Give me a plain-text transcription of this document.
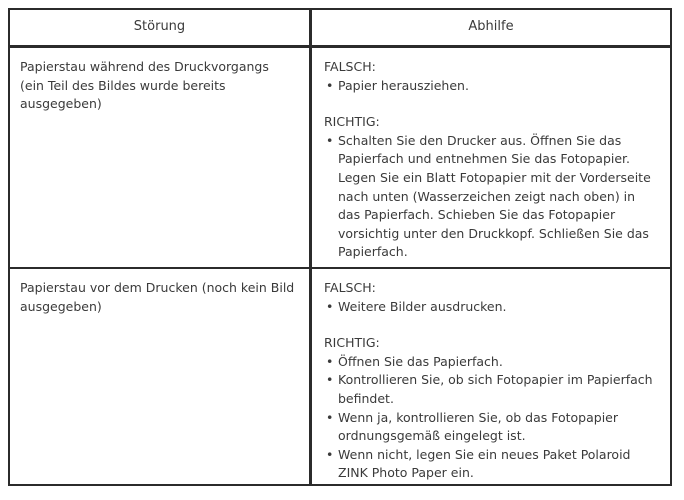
Störung	Abhilfe
Papierstau während des Druckvorgangs (ein Teil des Bildes wurde bereits ausgegeben)
FALSCH:
• Papier herausziehen.
RICHTIG:
• Schalten Sie den Drucker aus. Öffnen Sie das Papierfach und entnehmen Sie das Fotopapier. Legen Sie ein Blatt Fotopapier mit der Vorderseite nach unten (Wasserzeichen zeigt nach oben) in das Papierfach. Schieben Sie das Fotopapier vorsichtig unter den Druckkopf. Schließen Sie das Papierfach.
Papierstau vor dem Drucken (noch kein Bild ausgegeben)
FALSCH:
• Weitere Bilder ausdrucken.
RICHTIG:
• Öffnen Sie das Papierfach.
• Kontrollieren Sie, ob sich Fotopapier im Papierfach befindet.
• Wenn ja, kontrollieren Sie, ob das Fotopapier ordnungsgemäß eingelegt ist.
• Wenn nicht, legen Sie ein neues Paket Polaroid ZINK Photo Paper ein.
